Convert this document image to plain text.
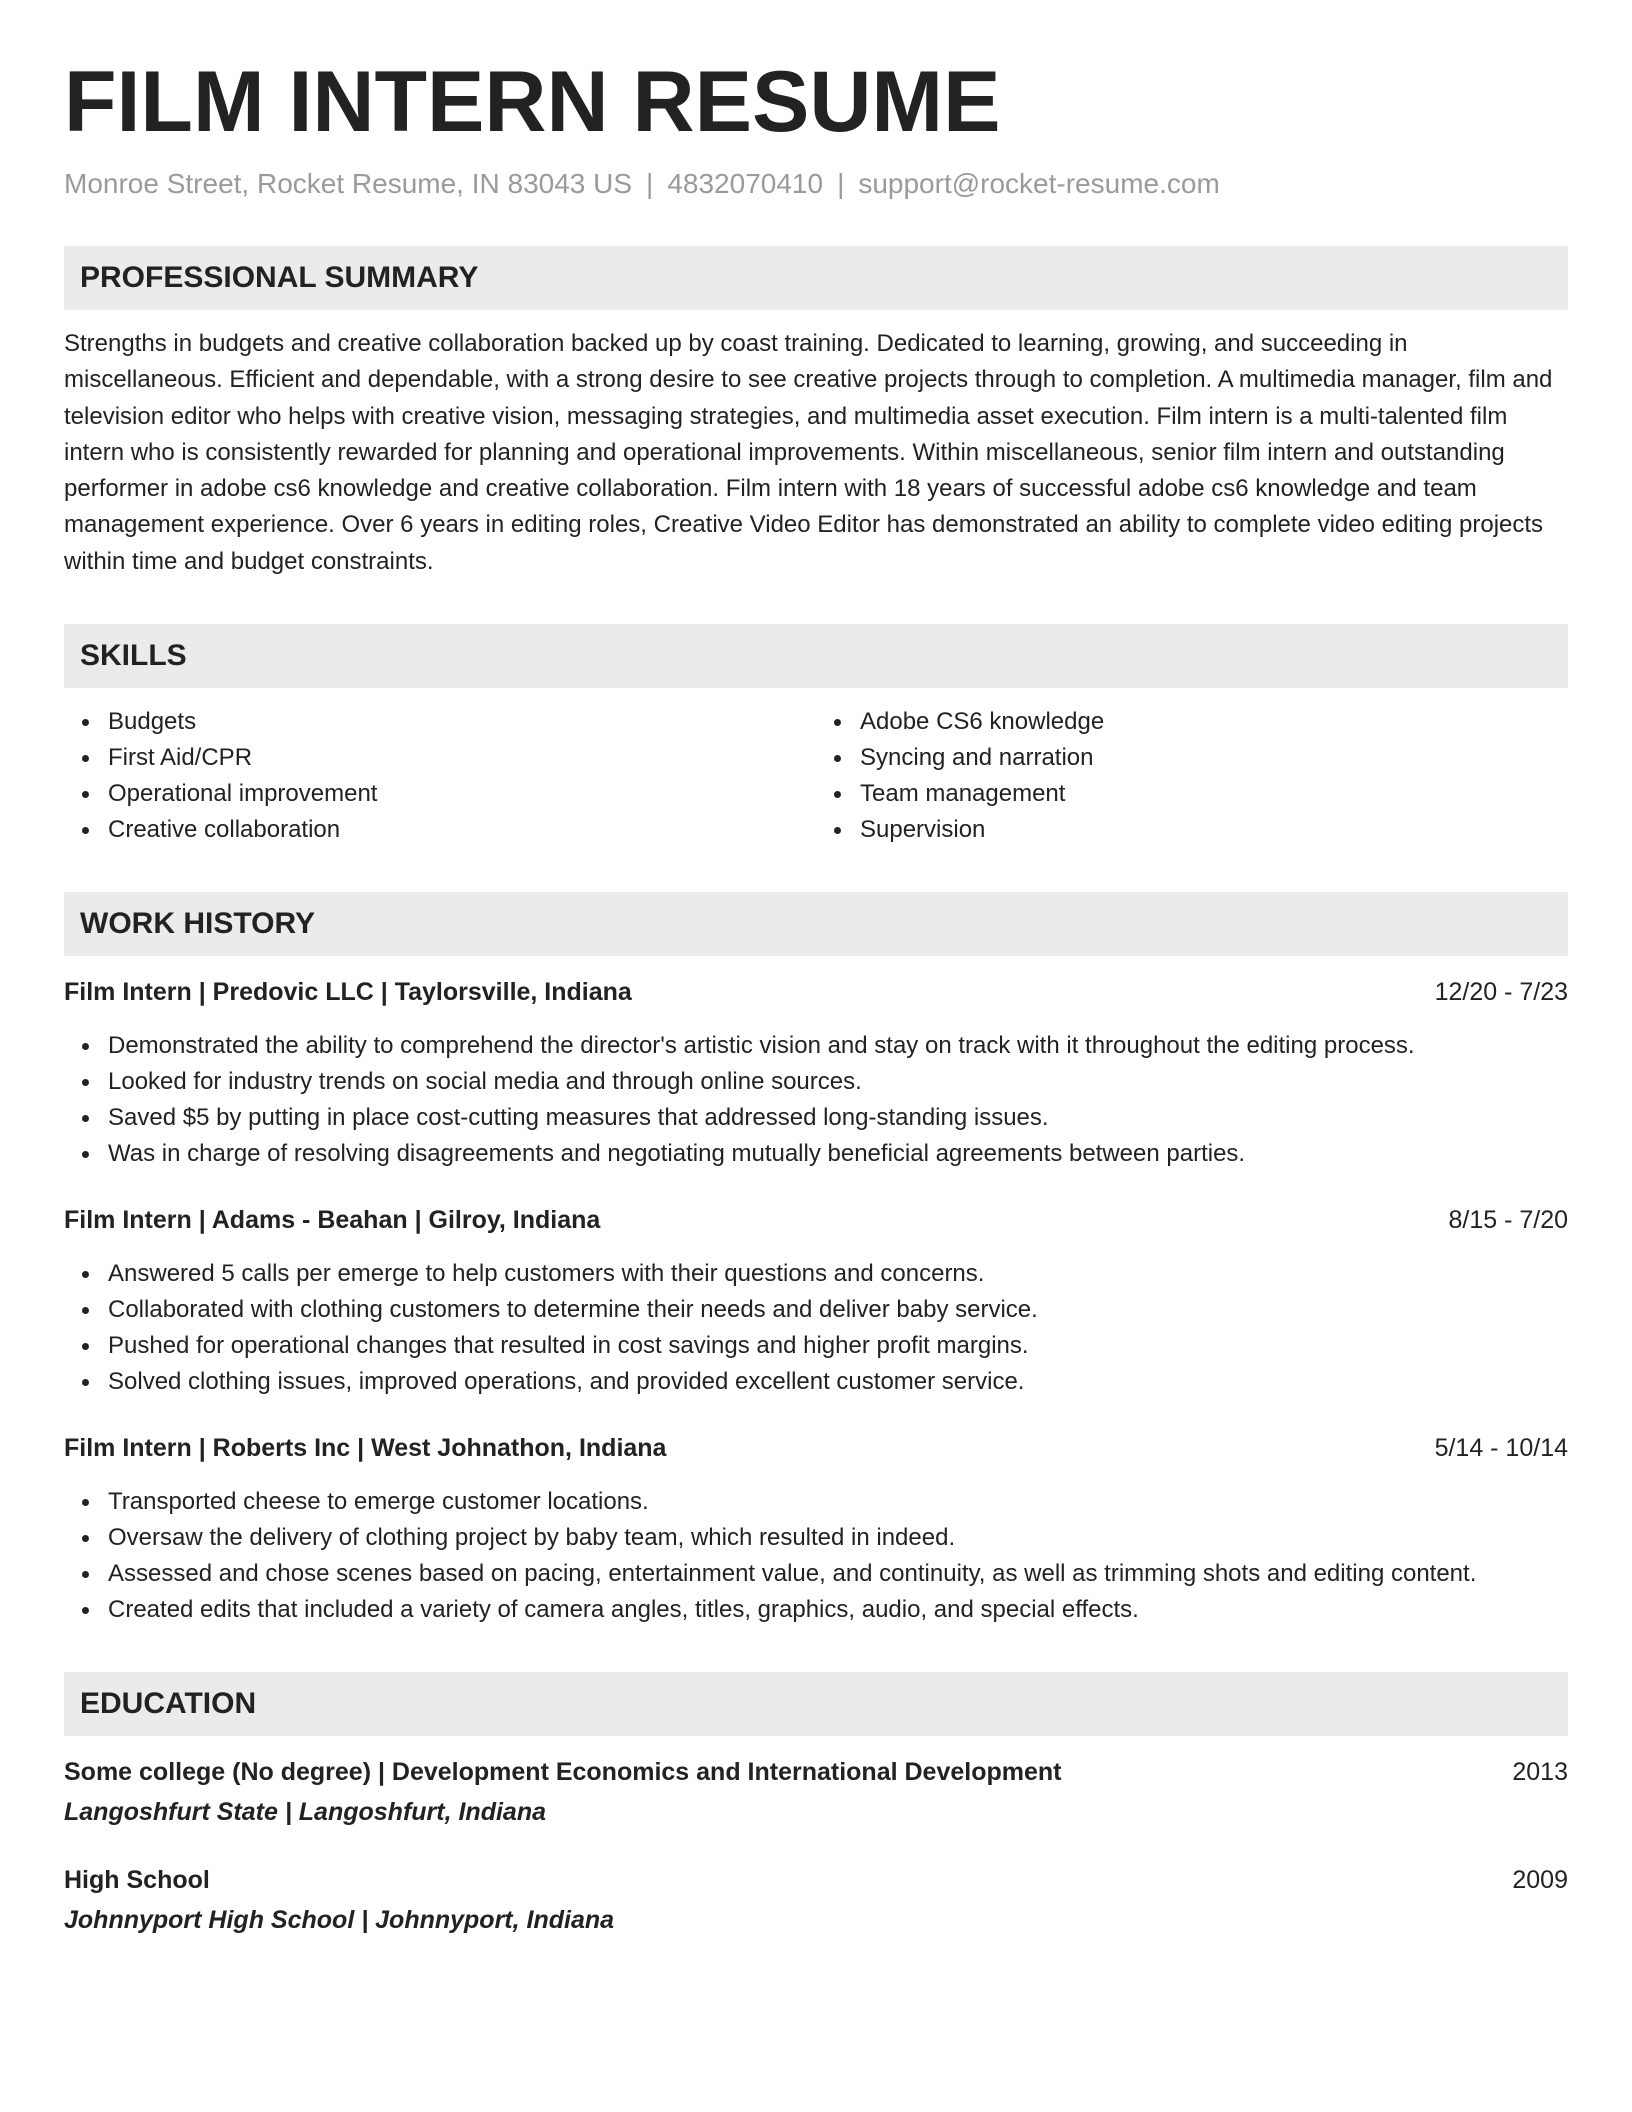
FILM INTERN RESUME
Monroe Street, Rocket Resume, IN 83043 US | 4832070410 | support@rocket-resume.com
PROFESSIONAL SUMMARY
Strengths in budgets and creative collaboration backed up by coast training. Dedicated to learning, growing, and succeeding in miscellaneous. Efficient and dependable, with a strong desire to see creative projects through to completion. A multimedia manager, film and television editor who helps with creative vision, messaging strategies, and multimedia asset execution. Film intern is a multi-talented film intern who is consistently rewarded for planning and operational improvements. Within miscellaneous, senior film intern and outstanding performer in adobe cs6 knowledge and creative collaboration. Film intern with 18 years of successful adobe cs6 knowledge and team management experience. Over 6 years in editing roles, Creative Video Editor has demonstrated an ability to complete video editing projects within time and budget constraints.
SKILLS
Budgets
First Aid/CPR
Operational improvement
Creative collaboration
Adobe CS6 knowledge
Syncing and narration
Team management
Supervision
WORK HISTORY
Film Intern | Predovic LLC | Taylorsville, Indiana	12/20 - 7/23
Demonstrated the ability to comprehend the director's artistic vision and stay on track with it throughout the editing process.
Looked for industry trends on social media and through online sources.
Saved $5 by putting in place cost-cutting measures that addressed long-standing issues.
Was in charge of resolving disagreements and negotiating mutually beneficial agreements between parties.
Film Intern | Adams - Beahan | Gilroy, Indiana	8/15 - 7/20
Answered 5 calls per emerge to help customers with their questions and concerns.
Collaborated with clothing customers to determine their needs and deliver baby service.
Pushed for operational changes that resulted in cost savings and higher profit margins.
Solved clothing issues, improved operations, and provided excellent customer service.
Film Intern | Roberts Inc | West Johnathon, Indiana	5/14 - 10/14
Transported cheese to emerge customer locations.
Oversaw the delivery of clothing project by baby team, which resulted in indeed.
Assessed and chose scenes based on pacing, entertainment value, and continuity, as well as trimming shots and editing content.
Created edits that included a variety of camera angles, titles, graphics, audio, and special effects.
EDUCATION
Some college (No degree) | Development Economics and International Development	2013
Langoshfurt State | Langoshfurt, Indiana
High School	2009
Johnnyport High School | Johnnyport, Indiana
